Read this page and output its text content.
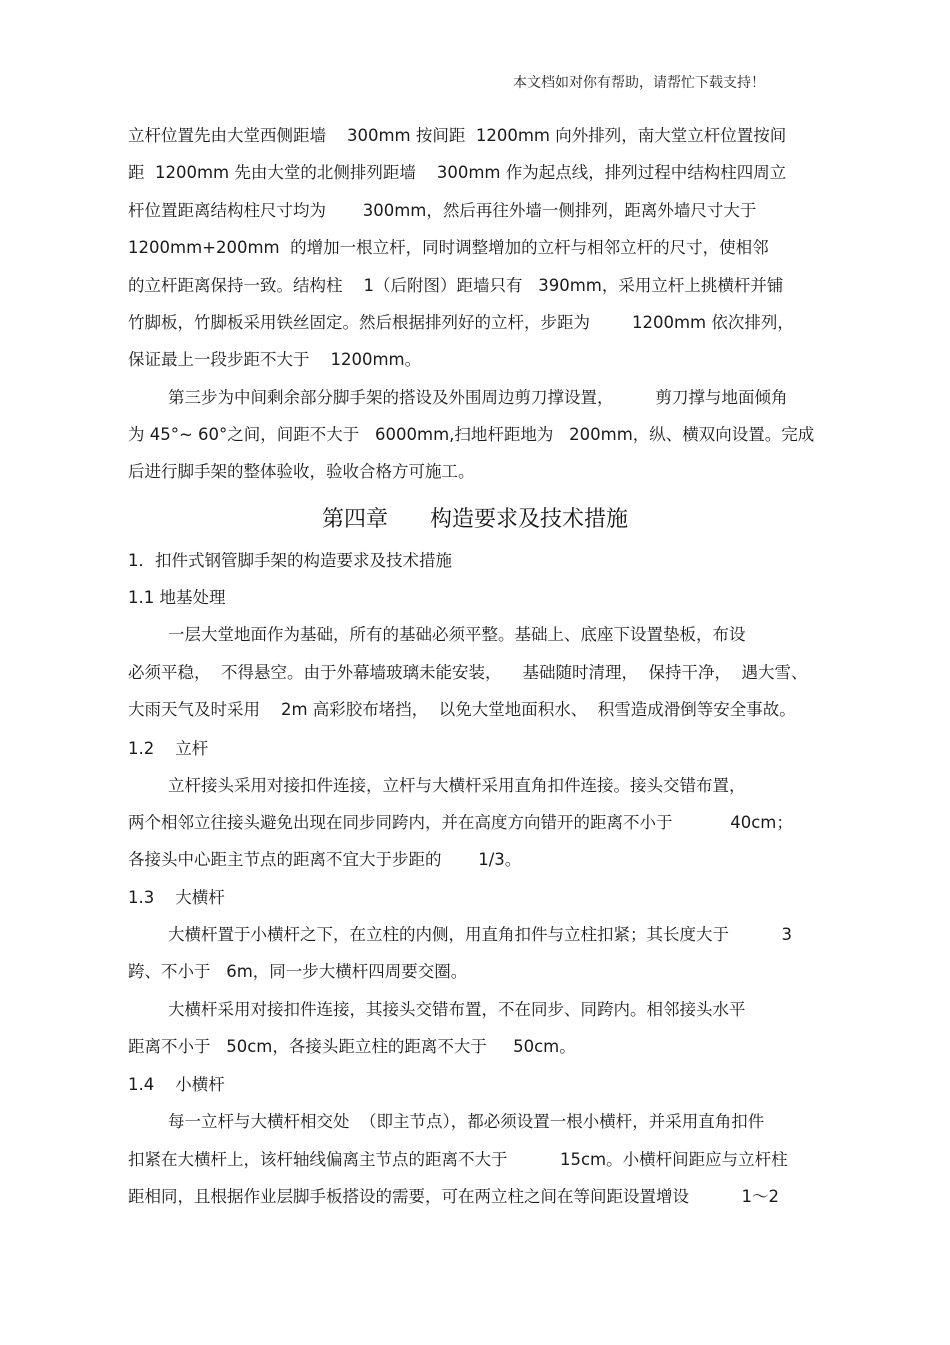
本文档如对你有帮助，请帮忙下载支持！
立杆位置先由大堂西侧距墙    300mm 按间距  1200mm 向外排列，南大堂立杆位置按间
距  1200mm 先由大堂的北侧排列距墙    300mm 作为起点线，排列过程中结构柱四周立
杆位置距离结构柱尺寸均为       300mm，然后再往外墙一侧排列，距离外墙尺寸大于
1200mm+200mm  的增加一根立杆，同时调整增加的立杆与相邻立杆的尺寸，使相邻
的立杆距离保持一致。结构柱    1（后附图）距墙只有   390mm，采用立杆上挑横杆并铺
竹脚板，竹脚板采用铁丝固定。然后根据排列好的立杆，步距为        1200mm 依次排列，
保证最上一段步距不大于    1200mm。
第三步为中间剩余部分脚手架的搭设及外围周边剪刀撑设置，        剪刀撑与地面倾角
为 45°~ 60°之间，间距不大于   6000mm,扫地杆距地为   200mm，纵、横双向设置。完成
后进行脚手架的整体验收，验收合格方可施工。
第四章      构造要求及技术措施
1．扣件式钢管脚手架的构造要求及技术措施
1.1 地基处理
一层大堂地面作为基础，所有的基础必须平整。基础上、底座下设置垫板，布设
必须平稳，  不得悬空。由于外幕墙玻璃未能安装，    基础随时清理，  保持干净，  遇大雪、
大雨天气及时采用    2m 高彩胶布堵挡，  以免大堂地面积水、  积雪造成滑倒等安全事故。
1.2    立杆
立杆接头采用对接扣件连接，立杆与大横杆采用直角扣件连接。接头交错布置，
两个相邻立往接头避免出现在同步同跨内，并在高度方向错开的距离不小于           40cm；
各接头中心距主节点的距离不宜大于步距的       1/3。
1.3    大横杆
大横杆置于小横杆之下，在立柱的内侧，用直角扣件与立柱扣紧；其长度大于          3
跨、不小于   6m，同一步大横杆四周要交圈。
大横杆采用对接扣件连接，其接头交错布置，不在同步、同跨内。相邻接头水平
距离不小于   50cm，各接头距立柱的距离不大于     50cm。
1.4    小横杆
每一立杆与大横杆相交处  （即主节点），都必须设置一根小横杆，并采用直角扣件
扣紧在大横杆上，该杆轴线偏离主节点的距离不大于          15cm。小横杆间距应与立杆柱
距相同，且根据作业层脚手板搭设的需要，可在两立柱之间在等间距设置增设          1～2
